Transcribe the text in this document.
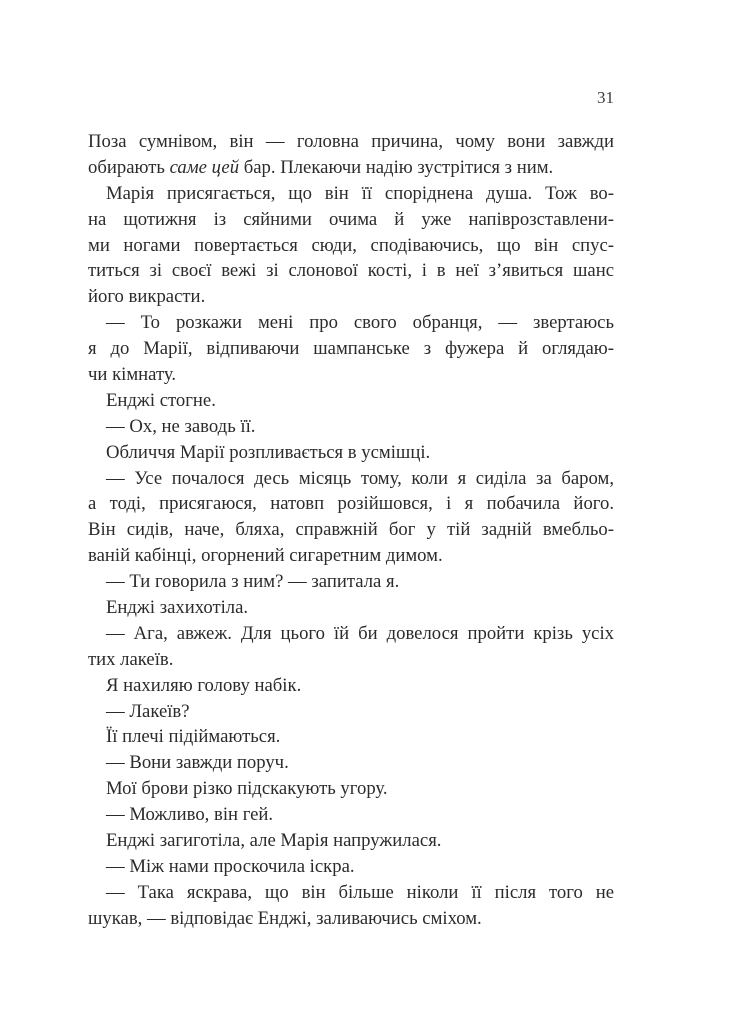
31
Поза сумнівом, він — головна причина, чому вони завжди
обирають саме цей бар. Плекаючи надію зустрітися з ним.
Марія присягається, що він її споріднена душа. Тож во-
на щотижня із сяйними очима й уже напіврозставлени-
ми ногами повертається сюди, сподіваючись, що він спус-
титься зі своєї вежі зі слонової кості, і в неї з’явиться шанс
його викрасти.
— То розкажи мені про свого обранця, — звертаюсь
я до Марії, відпиваючи шампанське з фужера й оглядаю-
чи кімнату.
Енджі стогне.
— Ох, не заводь її.
Обличчя Марії розпливається в усмішці.
— Усе почалося десь місяць тому, коли я сиділа за баром,
а тоді, присягаюся, натовп розійшовся, і я побачила його.
Він сидів, наче, бляха, справжній бог у тій задній вмебльо-
ваній кабінці, огорнений сигаретним димом.
— Ти говорила з ним? — запитала я.
Енджі захихотіла.
— Ага, авжеж. Для цього їй би довелося пройти крізь усіх
тих лакеїв.
Я нахиляю голову набік.
— Лакеїв?
Її плечі підіймаються.
— Вони завжди поруч.
Мої брови різко підскакують угору.
— Можливо, він гей.
Енджі загиготіла, але Марія напружилася.
— Між нами проскочила іскра.
— Така яскрава, що він більше ніколи її після того не
шукав, — відповідає Енджі, заливаючись сміхом.
